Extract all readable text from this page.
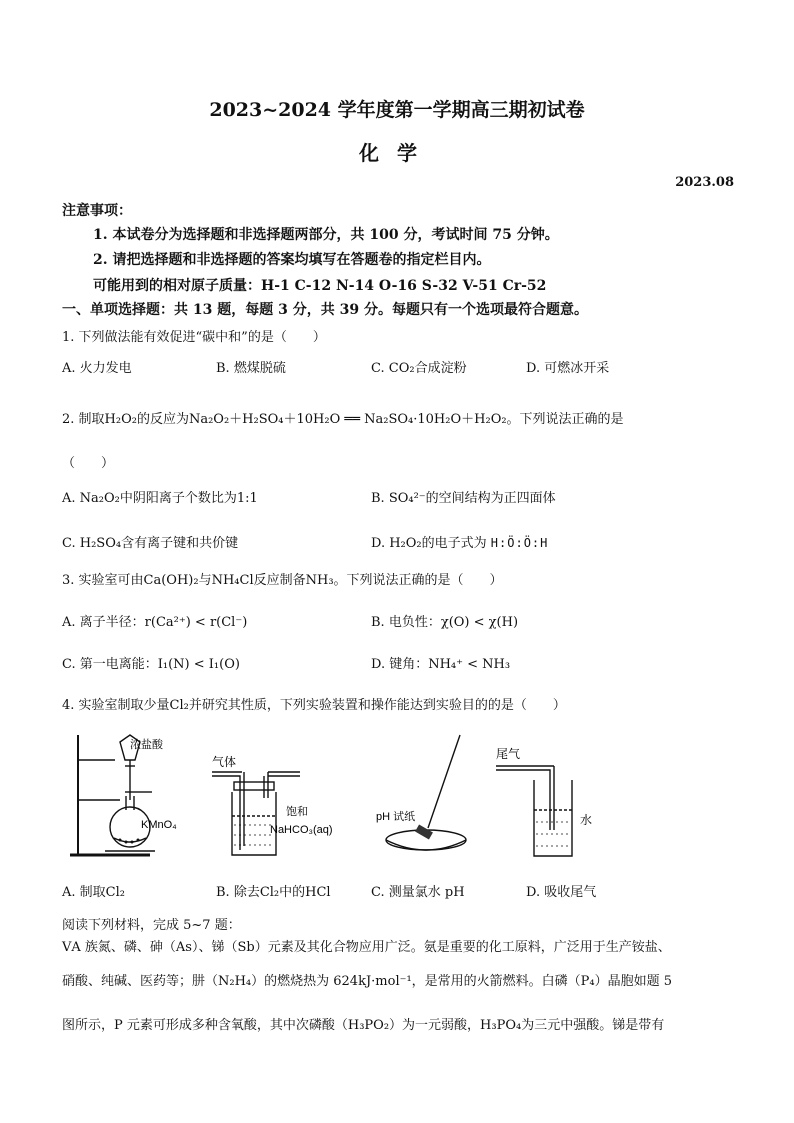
2023~2024 学年度第一学期高三期初试卷
化学
2023.08
注意事项：
1. 本试卷分为选择题和非选择题两部分，共 100 分，考试时间 75 分钟。
2. 请把选择题和非选择题的答案均填写在答题卷的指定栏目内。
可能用到的相对原子质量：H-1 C-12 N-14 O-16 S-32 V-51 Cr-52
一、单项选择题：共 13 题，每题 3 分，共 39 分。每题只有一个选项最符合题意。
1. 下列做法能有效促进“碳中和”的是（　　）
A. 火力发电	B. 燃煤脱硫	C. CO₂合成淀粉	D. 可燃冰开采
2. 制取H₂O₂的反应为Na₂O₂＋H₂SO₄＋10H₂O ══ Na₂SO₄·10H₂O＋H₂O₂。下列说法正确的是
（　　）
A. Na₂O₂中阴阳离子个数比为1:1	B. SO₄²⁻的空间结构为正四面体
C. H₂SO₄含有离子键和共价键	D. H₂O₂的电子式为 H:Ö:Ö:H
3. 实验室可由Ca(OH)₂与NH₄Cl反应制备NH₃。下列说法正确的是（　　）
A. 离子半径：r(Ca²⁺) < r(Cl⁻)	B. 电负性：χ(O) < χ(H)
C. 第一电离能：I₁(N) < I₁(O)	D. 键角：NH₄⁺ < NH₃
4. 实验室制取少量Cl₂并研究其性质，下列实验装置和操作能达到实验目的的是（　　）
浓盐酸
KMnO₄
气体
饱和
NaHCO₃(aq)
pH 试纸
尾气
水
A. 制取Cl₂	B. 除去Cl₂中的HCl	C. 测量氯水 pH	D. 吸收尾气
阅读下列材料，完成 5~7 题：
ⅤA 族氮、磷、砷（As）、锑（Sb）元素及其化合物应用广泛。氨是重要的化工原料，广泛用于生产铵盐、
硝酸、纯碱、医药等；肼（N₂H₄）的燃烧热为 624kJ·mol⁻¹，是常用的火箭燃料。白磷（P₄）晶胞如题 5
图所示，P 元素可形成多种含氧酸，其中次磷酸（H₃PO₂）为一元弱酸，H₃PO₄为三元中强酸。锑是带有
